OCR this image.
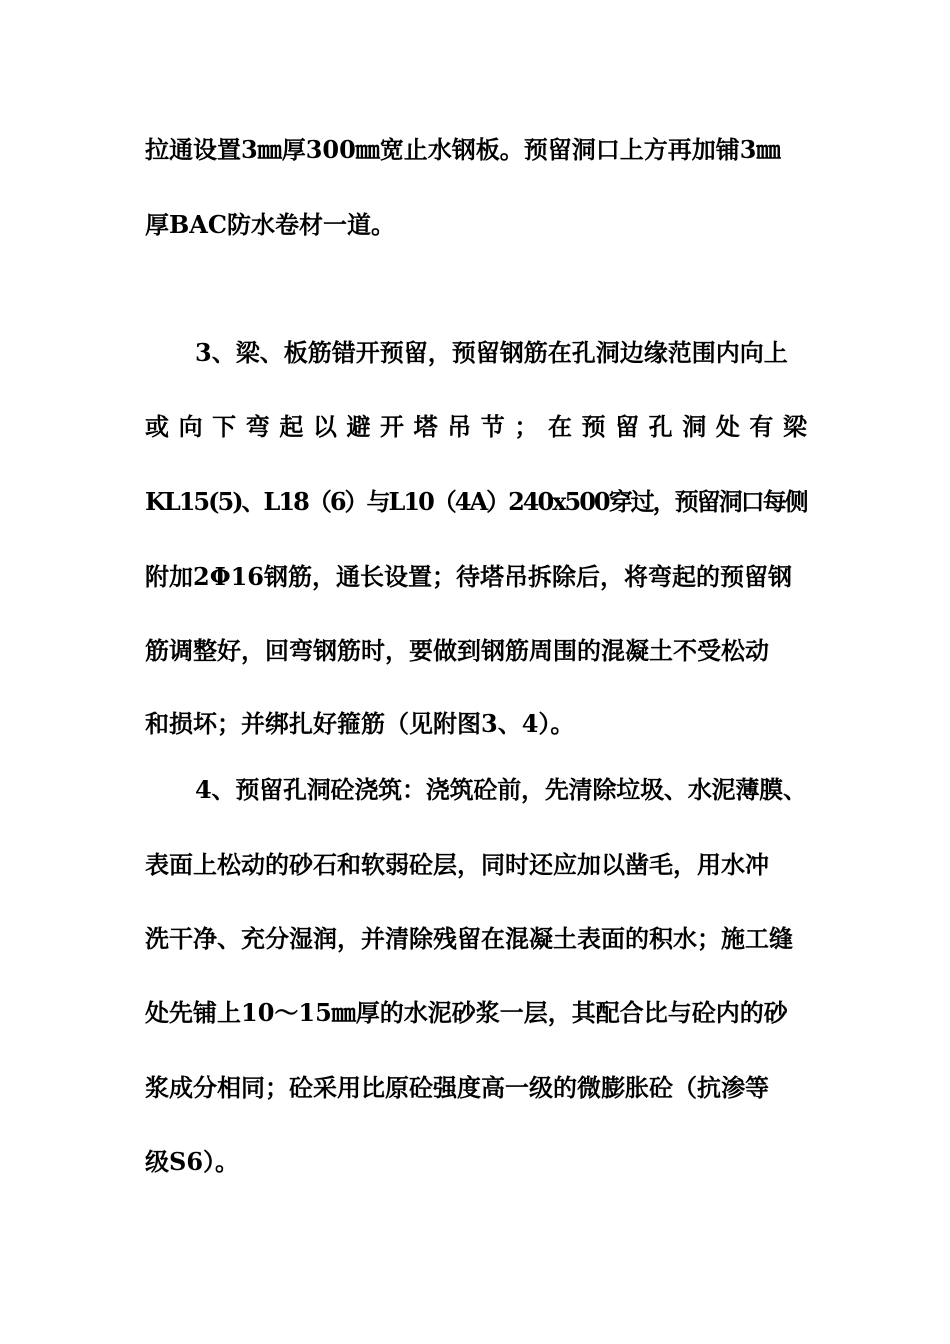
拉通设置3㎜厚300㎜宽止水钢板。预留洞口上方再加铺3㎜
厚BAC防水卷材一道。
3、梁、板筋错开预留，预留钢筋在孔洞边缘范围内向上
或 向 下 弯 起 以 避 开 塔 吊 节 ； 在 预 留 孔 洞 处 有 梁
KL15(5)、L18（6）与L10（4A）240x500穿过，预留洞口每侧
附加2Φ16钢筋，通长设置；待塔吊拆除后，将弯起的预留钢
筋调整好，回弯钢筋时，要做到钢筋周围的混凝土不受松动
和损坏；并绑扎好箍筋（见附图3、4）。
4、预留孔洞砼浇筑：浇筑砼前，先清除垃圾、水泥薄膜、
表面上松动的砂石和软弱砼层，同时还应加以凿毛，用水冲
洗干净、充分湿润，并清除残留在混凝土表面的积水；施工缝
处先铺上10～15㎜厚的水泥砂浆一层，其配合比与砼内的砂
浆成分相同；砼采用比原砼强度高一级的微膨胀砼（抗渗等
级S6）。
